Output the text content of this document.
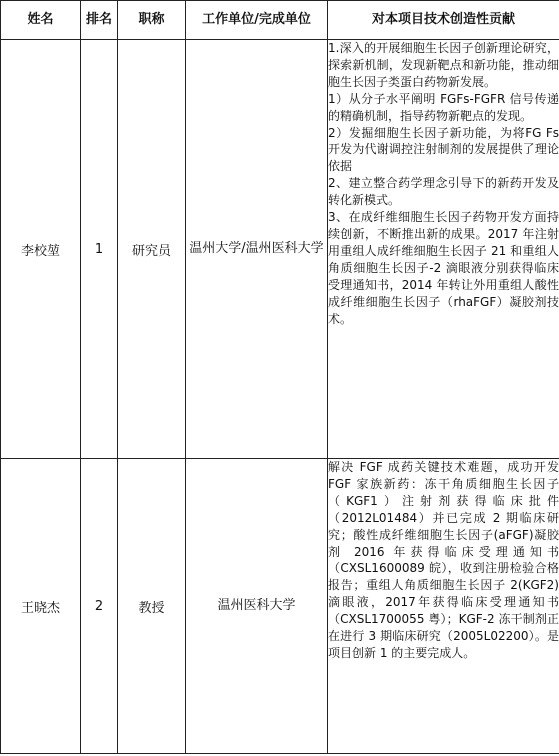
姓名	排名	职称	工作单位/完成单位	对本项目技术创造性贡献
李校堃	1	研究员	温州大学/温州医科大学	1.深入的开展细胞生长因子创新理论研究，探索新机制，发现新靶点和新功能，推动细胞生长因子类蛋白药物新发展。

1）从分子水平阐明 FGFs-FGFR 信号传递的精确机制，指导药物新靶点的发现。

2）发掘细胞生长因子新功能，为将FG Fs 开发为代谢调控注射制剂的发展提供了理论依据

2、建立整合药学理念引导下的新药开发及转化新模式。

3、在成纤维细胞生长因子药物开发方面持续创新，不断推出新的成果。2017 年注射用重组人成纤维细胞生长因子 21 和重组人角质细胞生长因子-2 滴眼液分别获得临床受理通知书，2014 年转让外用重组人酸性成纤维细胞生长因子（rhaFGF）凝胶剂技术。

王晓杰	2	教授	温州医科大学	解决 FGF 成药关键技术难题，成功开发 FGF 家族新药：冻干角质细胞生长因子（KGF1）注射剂获得临床批件（2012L01484）并已完成 2 期临床研究；酸性成纤维细胞生长因子(aFGF)凝胶剂 2016 年获得临床受理通知书（CXSL1600089 皖），收到注册检验合格报告；重组人角质细胞生长因子 2(KGF2)滴眼液，2017年获得临床受理通知书（CXSL1700055 粤）；KGF-2 冻干制剂正在进行 3 期临床研究（2005L02200）。是项目创新 1 的主要完成人。
